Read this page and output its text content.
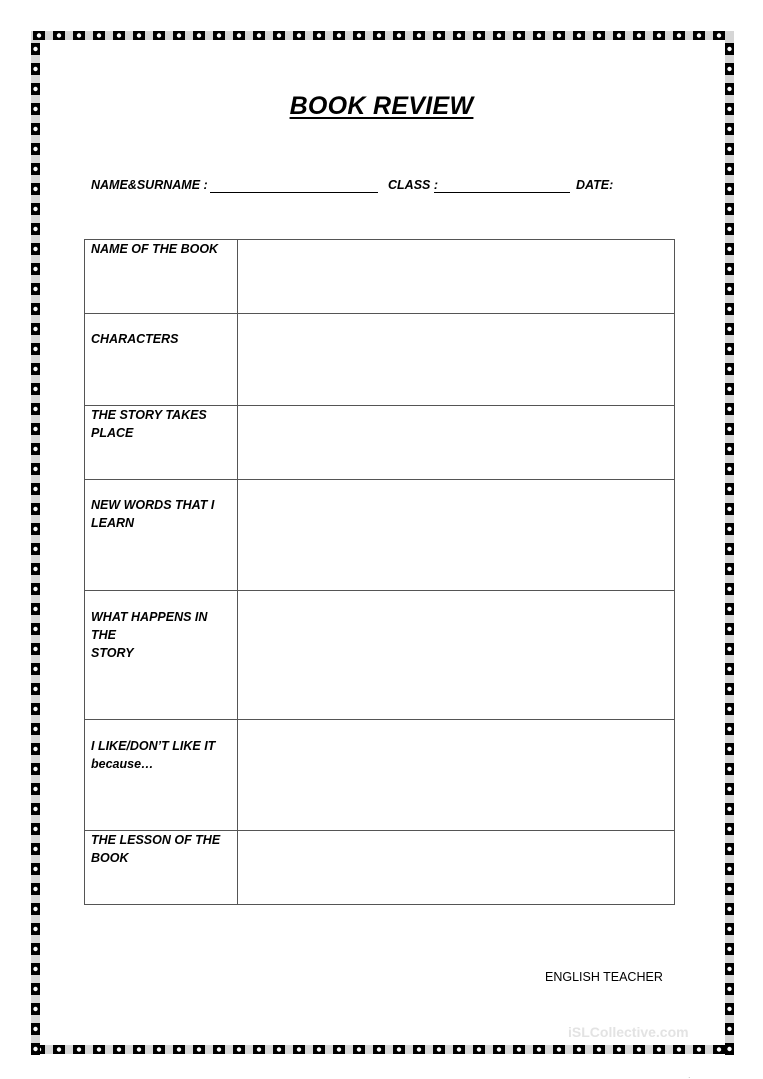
BOOK REVIEW
NAME&SURNAME :	CLASS :	DATE:
NAME OF THE BOOK	

CHARACTERS	

THE STORY TAKES
PLACE	

NEW WORDS THAT I
LEARN	

WHAT HAPPENS IN THE
STORY	

I LIKE/DON’T LIKE IT
because…	

THE LESSON OF THE
BOOK	

ENGLISH TEACHER
iSLCollective.com
.
